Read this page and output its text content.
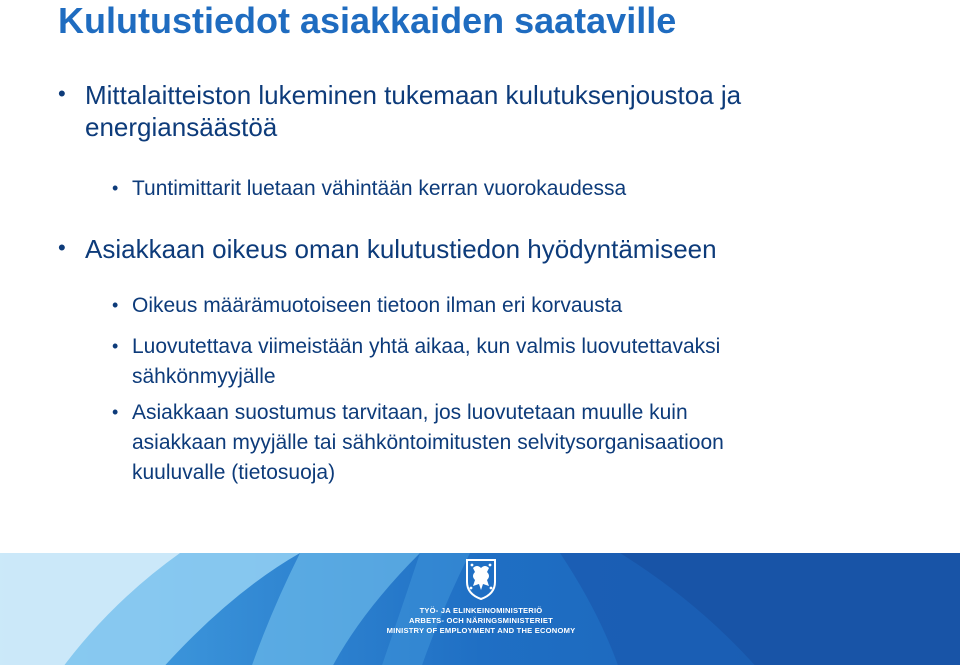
Kulutustiedot asiakkaiden saataville
• Mittalaitteiston lukeminen tukemaan kulutuksenjoustoa ja
energiansäästöä
• Tuntimittarit luetaan vähintään kerran vuorokaudessa
• Asiakkaan oikeus oman kulutustiedon hyödyntämiseen
• Oikeus määrämuotoiseen tietoon ilman eri korvausta
• Luovutettava viimeistään yhtä aikaa, kun valmis luovutettavaksi
sähkönmyyjälle
• Asiakkaan suostumus tarvitaan, jos luovutetaan muulle kuin
asiakkaan myyjälle tai sähköntoimitusten selvitysorganisaatioon
kuuluvalle (tietosuoja)
TYÖ- JA ELINKEINOMINISTERIÖ
ARBETS- OCH NÄRINGSMINISTERIET
MINISTRY OF EMPLOYMENT AND THE ECONOMY
